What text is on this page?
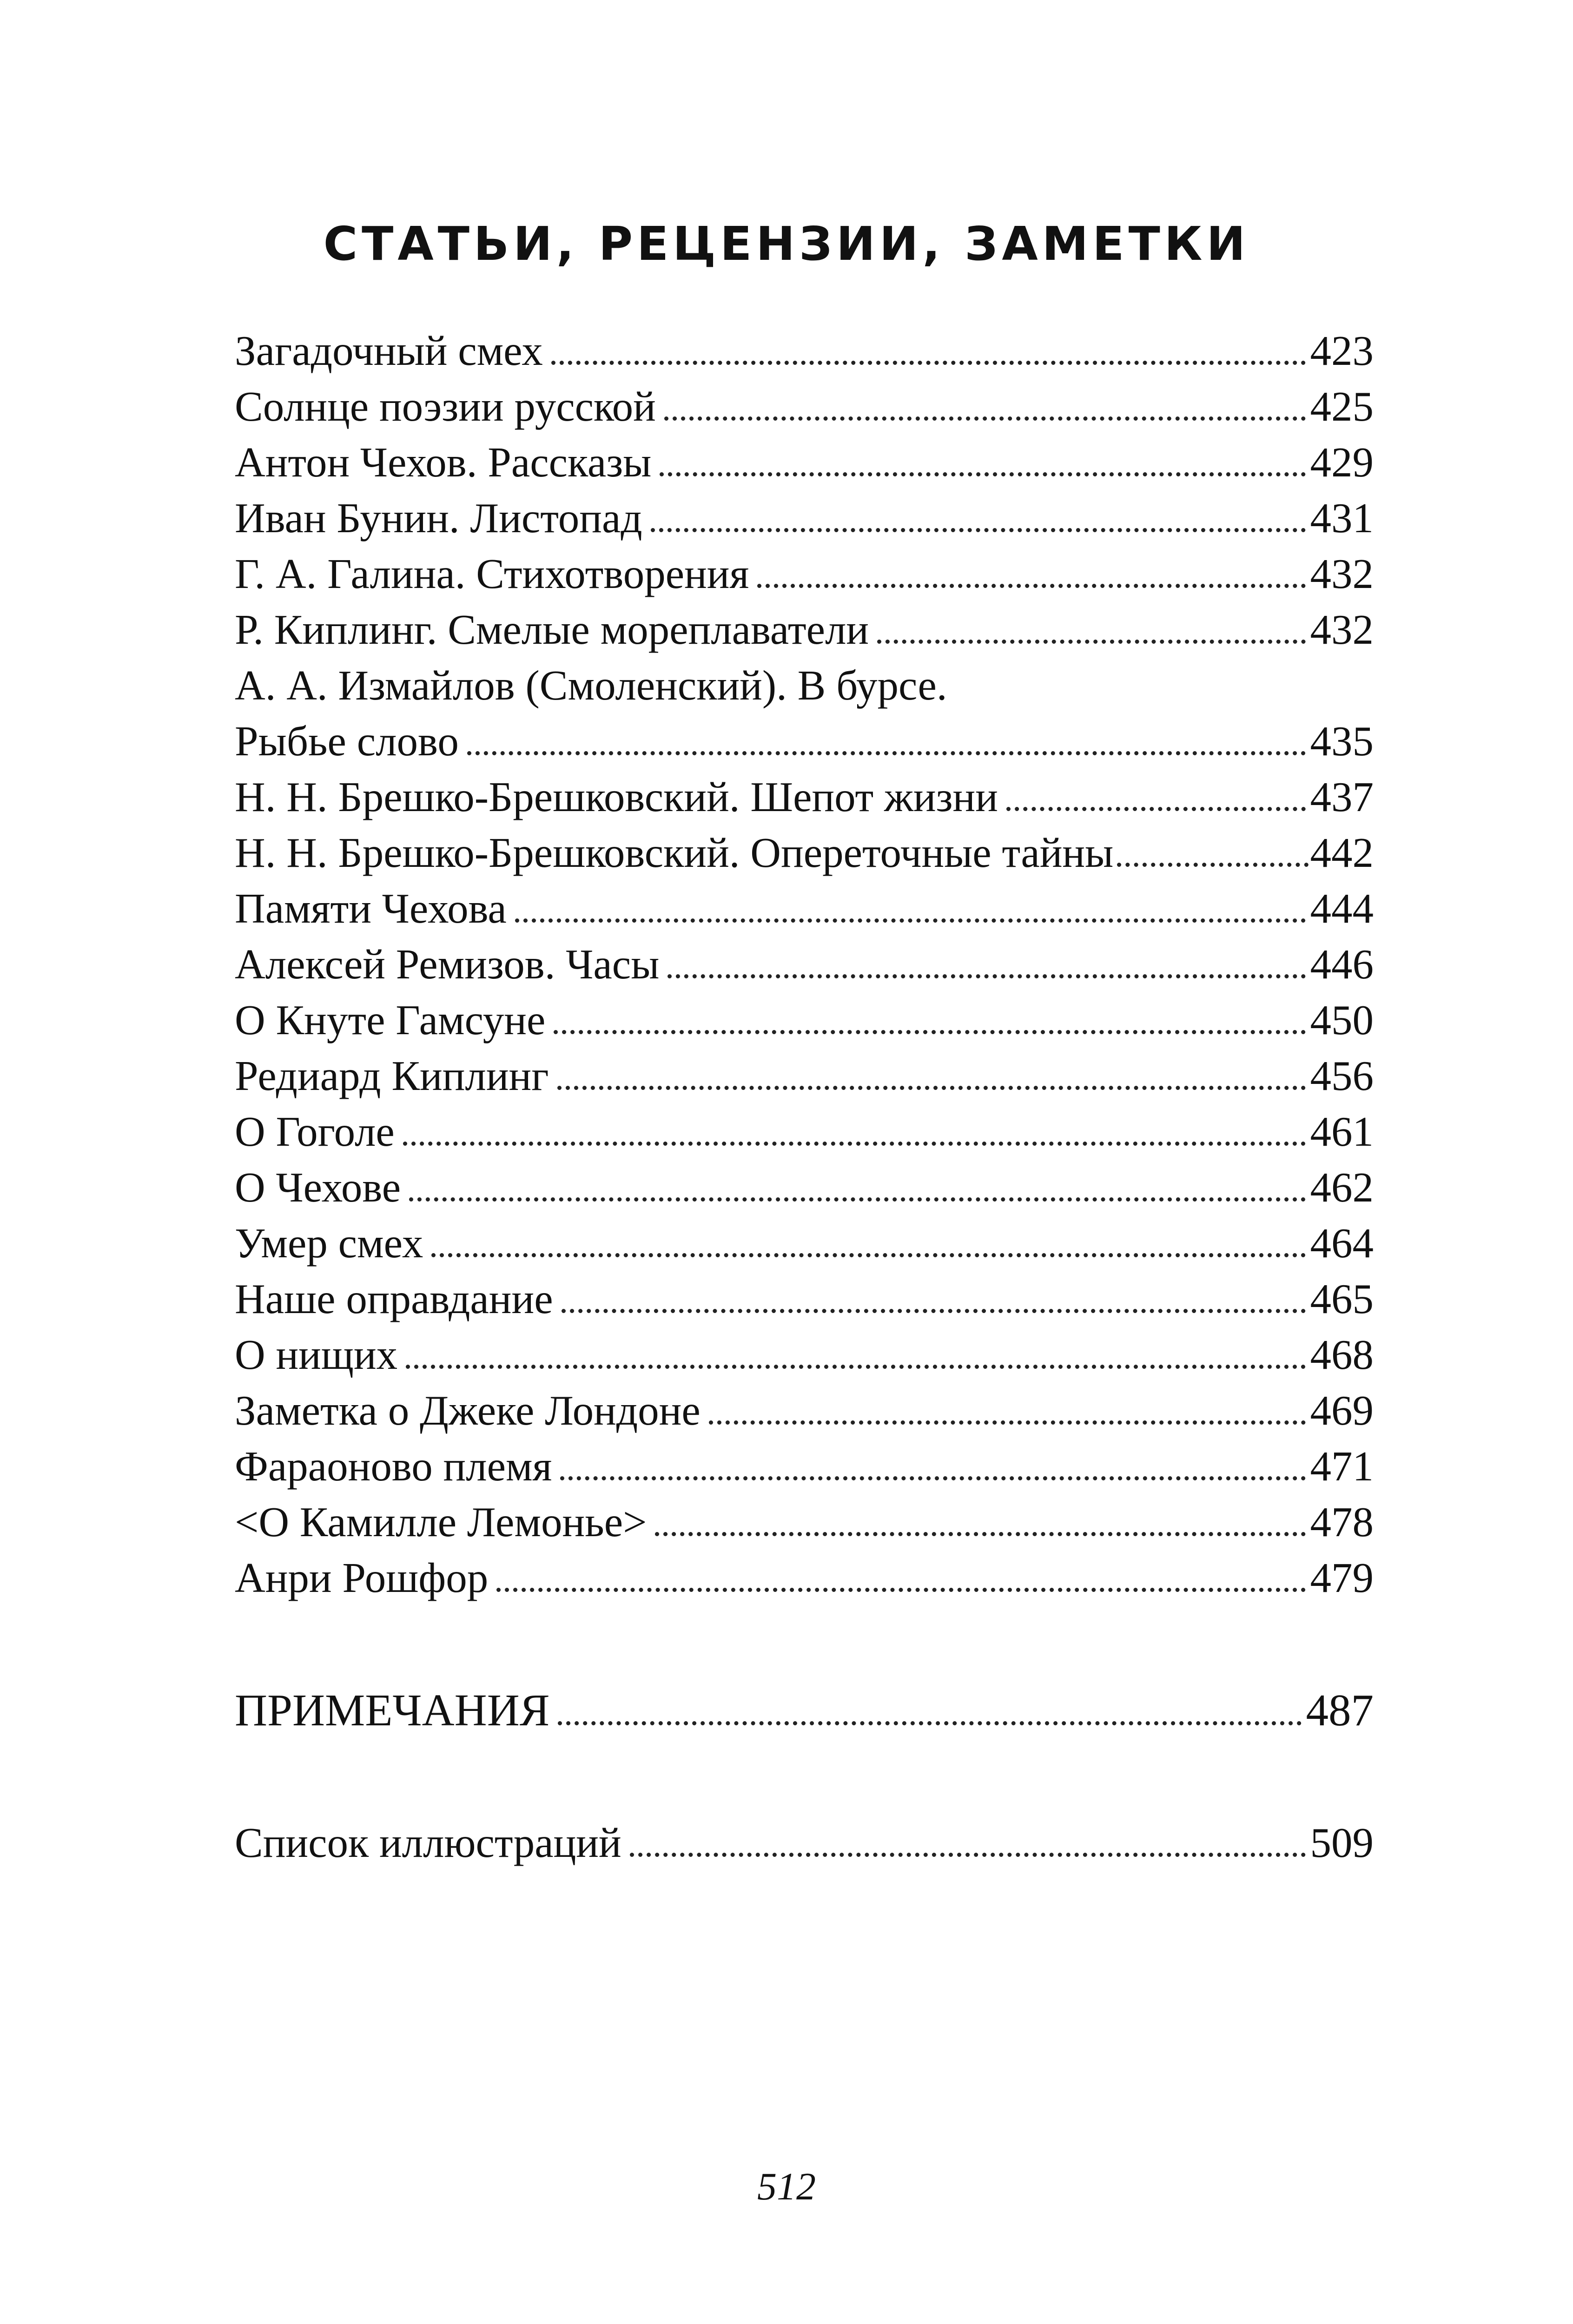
СТАТЬИ, РЕЦЕНЗИИ, ЗАМЕТКИ
Загадочный смех	423
Солнце поэзии русской	425
Антон Чехов. Рассказы	429
Иван Бунин. Листопад	431
Г. А. Галина. Стихотворения	432
Р. Киплинг. Смелые мореплаватели	432
А. А. Измайлов (Смоленский). В бурсе.
Рыбье слово	435
Н. Н. Брешко-Брешковский. Шепот жизни	437
Н. Н. Брешко-Брешковский. Опереточные тайны	442
Памяти Чехова	444
Алексей Ремизов. Часы	446
О Кнуте Гамсуне	450
Редиард Киплинг	456
О Гоголе	461
О Чехове	462
Умер смех	464
Наше оправдание	465
О нищих	468
Заметка о Джеке Лондоне	469
Фараоново племя	471
<О Камилле Лемонье>	478
Анри Рошфор	479
ПРИМЕЧАНИЯ	487
Список иллюстраций	509
512
